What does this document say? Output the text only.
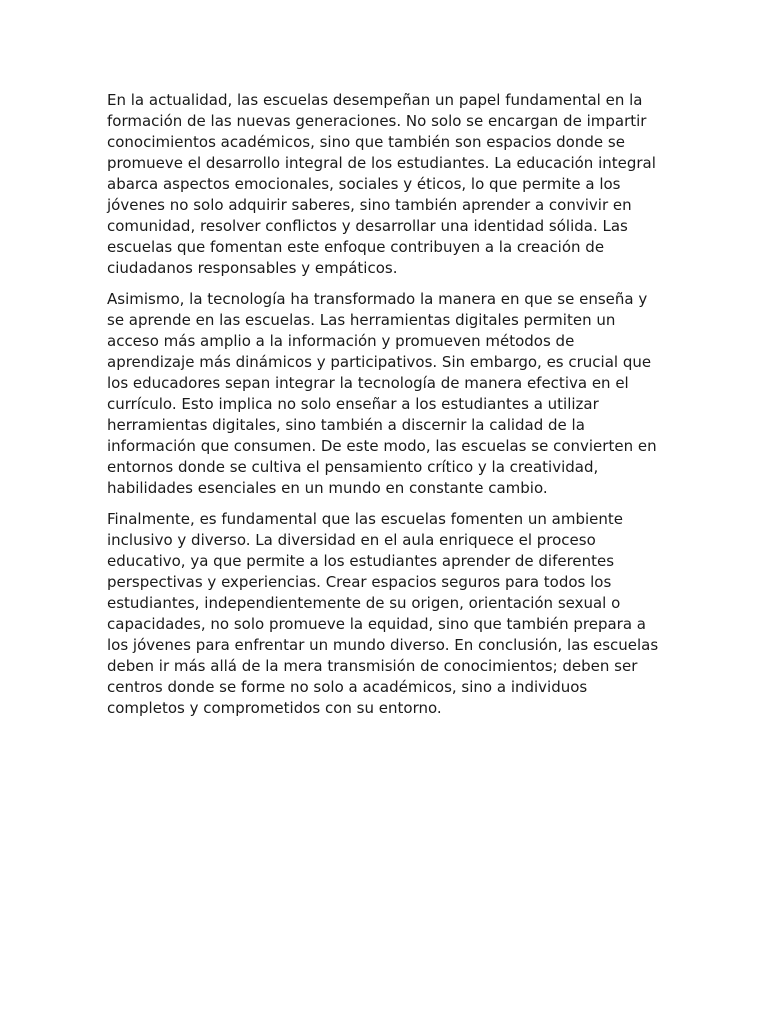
En la actualidad, las escuelas desempeñan un papel fundamental en la
formación de las nuevas generaciones. No solo se encargan de impartir
conocimientos académicos, sino que también son espacios donde se
promueve el desarrollo integral de los estudiantes. La educación integral
abarca aspectos emocionales, sociales y éticos, lo que permite a los
jóvenes no solo adquirir saberes, sino también aprender a convivir en
comunidad, resolver conflictos y desarrollar una identidad sólida. Las
escuelas que fomentan este enfoque contribuyen a la creación de
ciudadanos responsables y empáticos.

Asimismo, la tecnología ha transformado la manera en que se enseña y
se aprende en las escuelas. Las herramientas digitales permiten un
acceso más amplio a la información y promueven métodos de
aprendizaje más dinámicos y participativos. Sin embargo, es crucial que
los educadores sepan integrar la tecnología de manera efectiva en el
currículo. Esto implica no solo enseñar a los estudiantes a utilizar
herramientas digitales, sino también a discernir la calidad de la
información que consumen. De este modo, las escuelas se convierten en
entornos donde se cultiva el pensamiento crítico y la creatividad,
habilidades esenciales en un mundo en constante cambio.

Finalmente, es fundamental que las escuelas fomenten un ambiente
inclusivo y diverso. La diversidad en el aula enriquece el proceso
educativo, ya que permite a los estudiantes aprender de diferentes
perspectivas y experiencias. Crear espacios seguros para todos los
estudiantes, independientemente de su origen, orientación sexual o
capacidades, no solo promueve la equidad, sino que también prepara a
los jóvenes para enfrentar un mundo diverso. En conclusión, las escuelas
deben ir más allá de la mera transmisión de conocimientos; deben ser
centros donde se forme no solo a académicos, sino a individuos
completos y comprometidos con su entorno.
